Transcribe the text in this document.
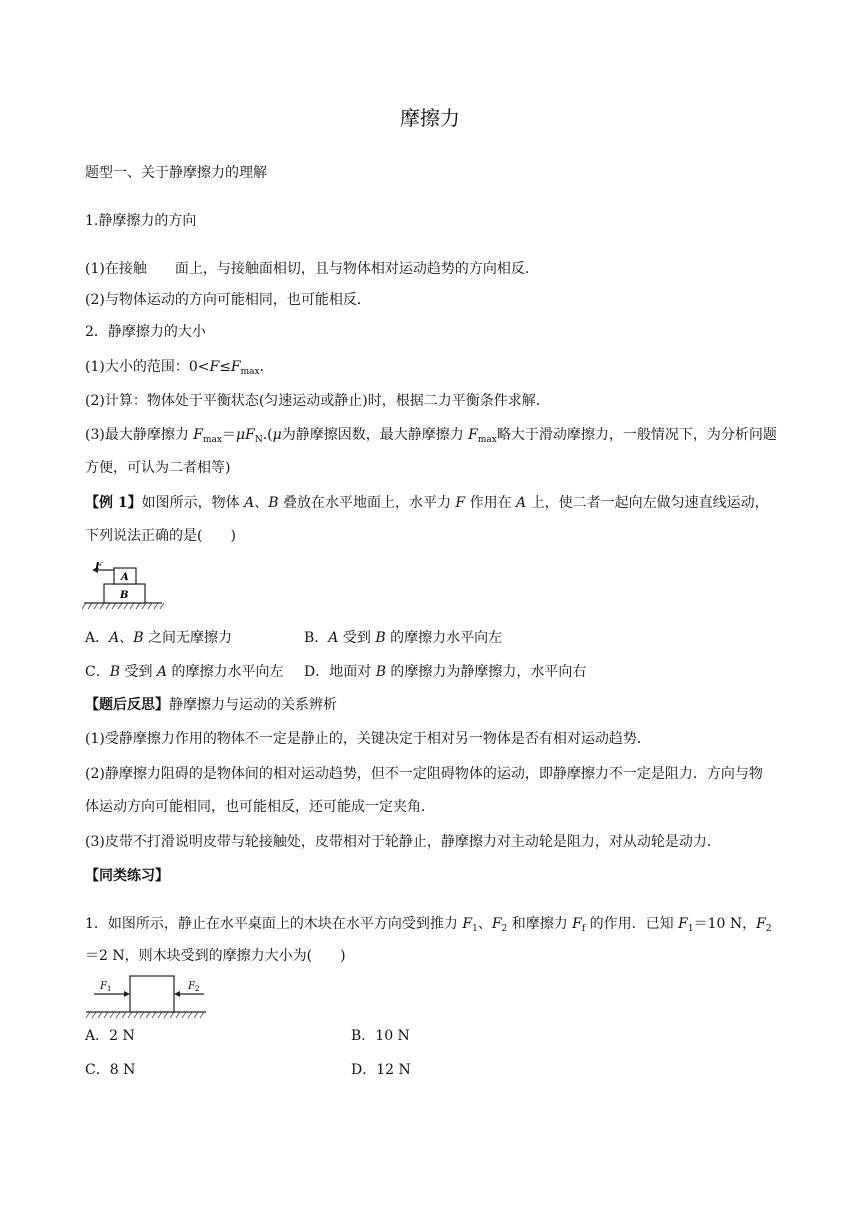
摩擦力
题型一、关于静摩擦力的理解
1.静摩擦力的方向
(1)在接触　　面上，与接触面相切，且与物体相对运动趋势的方向相反．
(2)与物体运动的方向可能相同，也可能相反．
2．静摩擦力的大小
(1)大小的范围：$0<F\le F_{max}$.
(2)计算：物体处于平衡状态(匀速运动或静止)时，根据二力平衡条件求解．
(3)最大静摩擦力 $F_{max}=\mu F_N.(\mu$为静摩擦因数，最大静摩擦力 $F_{max}$略大于滑动摩擦力，一般情况下，为分析问题
方便，可认为二者相等)
【例 1】如图所示，物体 A、B 叠放在水平地面上，水平力 F 作用在 A 上，使二者一起向左做匀速直线运动，
下列说法正确的是(　　)
F
A
B
A．A、B 之间无摩擦力	B．A 受到 B 的摩擦力水平向左
C．B 受到 A 的摩擦力水平向左 D．地面对 B 的摩擦力为静摩擦力，水平向右
【题后反思】静摩擦力与运动的关系辨析
(1)受静摩擦力作用的物体不一定是静止的，关键决定于相对另一物体是否有相对运动趋势．
(2)静摩擦力阻碍的是物体间的相对运动趋势，但不一定阻碍物体的运动，即静摩擦力不一定是阻力．方向与物
体运动方向可能相同，也可能相反，还可能成一定夹角．
(3)皮带不打滑说明皮带与轮接触处，皮带相对于轮静止，静摩擦力对主动轮是阻力，对从动轮是动力．
【同类练习】
1．如图所示，静止在水平桌面上的木块在水平方向受到推力 $F_1$、$F_2$ 和摩擦力 $F_f$ 的作用．已知 $F_1=10$ N，$F_2$
＝2 N，则木块受到的摩擦力大小为(　　)
$F_1$	$F_2$
A．2 N	B．10 N
C．8 N	D．12 N
